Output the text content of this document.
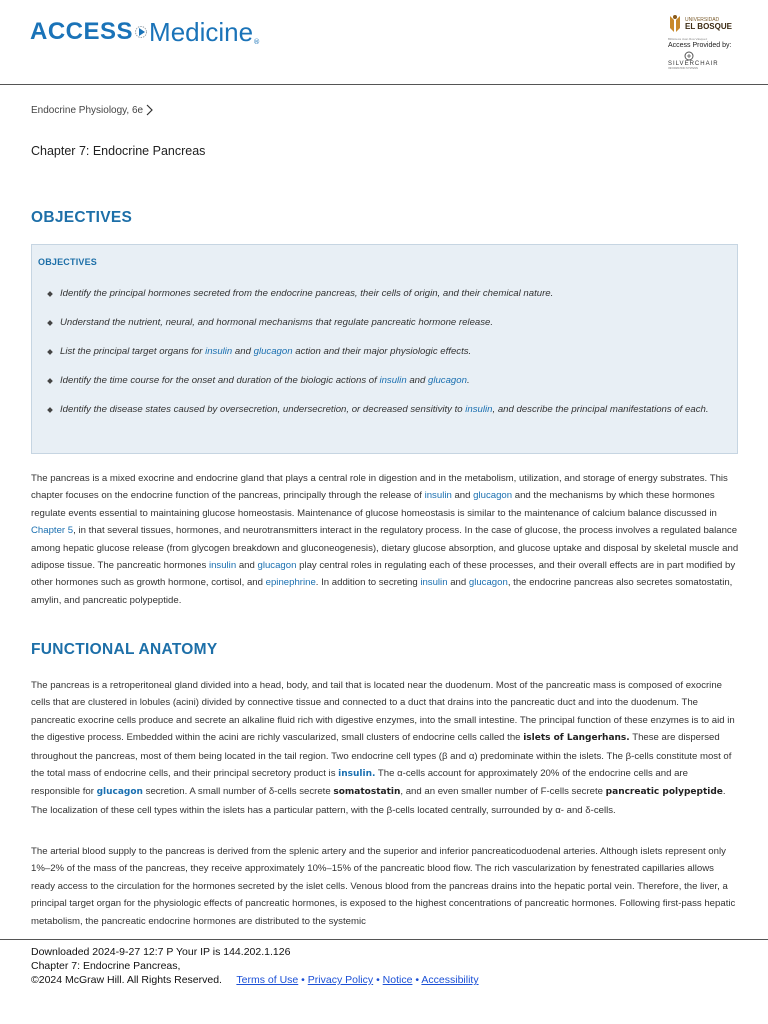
ACCESS Medicine ®
UNIVERSIDAD
EL BOSQUE
Biblioteca Juan Roa Vásquez
Access Provided by:
SILVERCHAIR
INFORMATION SYSTEMS
Endocrine Physiology, 6e
Chapter 7: Endocrine Pancreas
OBJECTIVES
OBJECTIVES
Identify the principal hormones secreted from the endocrine pancreas, their cells of origin, and their chemical nature.
Understand the nutrient, neural, and hormonal mechanisms that regulate pancreatic hormone release.
List the principal target organs for insulin and glucagon action and their major physiologic effects.
Identify the time course for the onset and duration of the biologic actions of insulin and glucagon.
Identify the disease states caused by oversecretion, undersecretion, or decreased sensitivity to insulin, and describe the principal manifestations of each.

The pancreas is a mixed exocrine and endocrine gland that plays a central role in digestion and in the metabolism, utilization, and storage of energy substrates. This chapter focuses on the endocrine function of the pancreas, principally through the release of insulin and glucagon and the mechanisms by which these hormones regulate events essential to maintaining glucose homeostasis. Maintenance of glucose homeostasis is similar to the maintenance of calcium balance discussed in Chapter 5, in that several tissues, hormones, and neurotransmitters interact in the regulatory process. In the case of glucose, the process involves a regulated balance among hepatic glucose release (from glycogen breakdown and gluconeogenesis), dietary glucose absorption, and glucose uptake and disposal by skeletal muscle and adipose tissue. The pancreatic hormones insulin and glucagon play central roles in regulating each of these processes, and their overall effects are in part modified by other hormones such as growth hormone, cortisol, and epinephrine. In addition to secreting insulin and glucagon, the endocrine pancreas also secretes somatostatin, amylin, and pancreatic polypeptide.

FUNCTIONAL ANATOMY

The pancreas is a retroperitoneal gland divided into a head, body, and tail that is located near the duodenum. Most of the pancreatic mass is composed of exocrine cells that are clustered in lobules (acini) divided by connective tissue and connected to a duct that drains into the pancreatic duct and into the duodenum. The pancreatic exocrine cells produce and secrete an alkaline fluid rich with digestive enzymes, into the small intestine. The principal function of these enzymes is to aid in the digestive process. Embedded within the acini are richly vascularized, small clusters of endocrine cells called the islets of Langerhans. These are dispersed throughout the pancreas, most of them being located in the tail region. Two endocrine cell types (β and α) predominate within the islets. The β-cells constitute most of the total mass of endocrine cells, and their principal secretory product is insulin. The α-cells account for approximately 20% of the endocrine cells and are responsible for glucagon secretion. A small number of δ-cells secrete somatostatin, and an even smaller number of F-cells secrete pancreatic polypeptide. The localization of these cell types within the islets has a particular pattern, with the β-cells located centrally, surrounded by α- and δ-cells.

The arterial blood supply to the pancreas is derived from the splenic artery and the superior and inferior pancreaticoduodenal arteries. Although islets represent only 1%–2% of the mass of the pancreas, they receive approximately 10%–15% of the pancreatic blood flow. The rich vascularization by fenestrated capillaries allows ready access to the circulation for the hormones secreted by the islet cells. Venous blood from the pancreas drains into the hepatic portal vein. Therefore, the liver, a principal target organ for the physiologic effects of pancreatic hormones, is exposed to the highest concentrations of pancreatic hormones. Following first-pass hepatic metabolism, the pancreatic endocrine hormones are distributed to the systemic

Downloaded 2024-9-27 12:7 P Your IP is 144.202.1.126
Chapter 7: Endocrine Pancreas,
©2024 McGraw Hill. All Rights Reserved. Terms of Use • Privacy Policy • Notice • Accessibility
